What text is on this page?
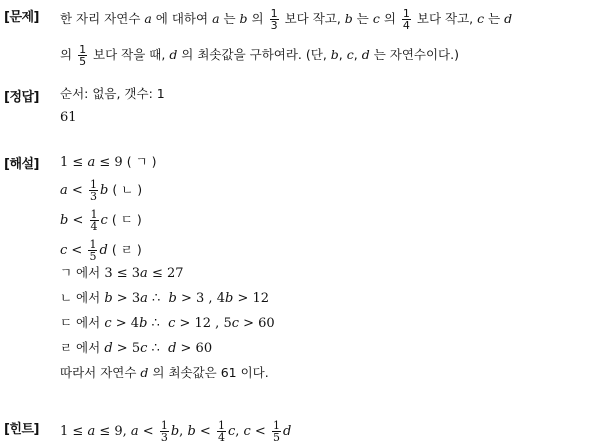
[문제] 한 자리 자연수 a 에 대하여 a 는 b 의 $\frac{1}{3}$ 보다 작고, b 는 c 의 $\frac{1}{4}$ 보다 작고, c 는 d
의 $\frac{1}{5}$ 보다 작을 때, d 의 최솟값을 구하여라. (단, b, c, d 는 자연수이다.)
[정답] 순서: 없음, 갯수: 1
61
[해설] 1 ≤ a ≤ 9 ( ㄱ )
$a < \frac{1}{3}$ b ( ㄴ )
$b < \frac{1}{4}$ c ( ㄷ )
$c < \frac{1}{5}$ d ( ㄹ )
ㄱ 에서 3 ≤ 3a ≤ 27
ㄴ 에서 b > 3a ∴  b > 3 , 4b > 12
ㄷ 에서 c > 4b ∴  c > 12 , 5c > 60
ㄹ 에서 d > 5c ∴  d > 60
따라서 자연수 d 의 최솟값은 61 이다.
[힌트] 1 ≤ a ≤ 9, $a < \frac{1}{3} b$, $b < \frac{1}{4} c$, $c < \frac{1}{5}$ d
